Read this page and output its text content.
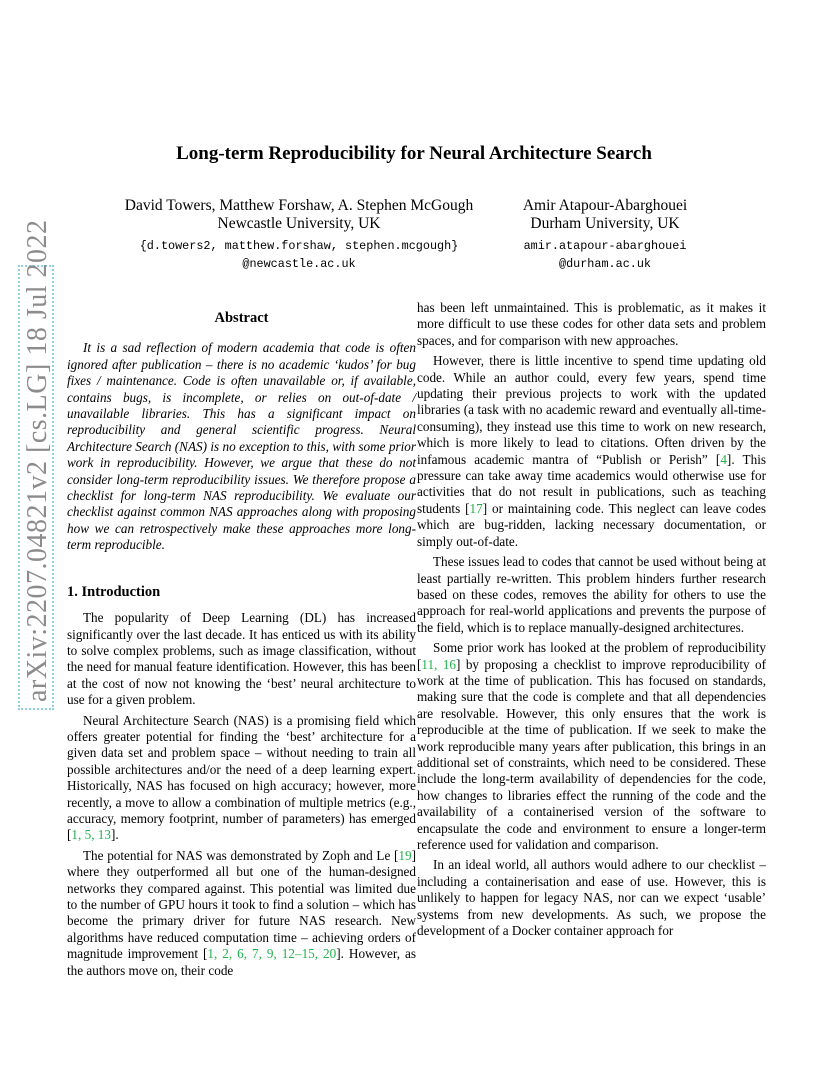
arXiv:2207.04821v2 [cs.LG] 18 Jul 2022
Long-term Reproducibility for Neural Architecture Search
David Towers, Matthew Forshaw, A. Stephen McGough
Newcastle University, UK
{d.towers2, matthew.forshaw, stephen.mcgough}
@newcastle.ac.uk
Amir Atapour-Abarghouei
Durham University, UK
amir.atapour-abarghouei
@durham.ac.uk
Abstract

It is a sad reflection of modern academia that code is often ignored after publication – there is no academic ‘kudos’ for bug fixes / maintenance. Code is often unavailable or, if available, contains bugs, is incomplete, or relies on out-of-date / unavailable libraries. This has a significant impact on reproducibility and general scientific progress. Neural Architecture Search (NAS) is no exception to this, with some prior work in reproducibility. However, we argue that these do not consider long-term reproducibility issues. We therefore propose a checklist for long-term NAS reproducibility. We evaluate our checklist against common NAS approaches along with proposing how we can retrospectively make these approaches more long-term reproducible.

1. Introduction

The popularity of Deep Learning (DL) has increased significantly over the last decade. It has enticed us with its ability to solve complex problems, such as image classification, without the need for manual feature identification. However, this has been at the cost of now not knowing the ‘best’ neural architecture to use for a given problem.

Neural Architecture Search (NAS) is a promising field which offers greater potential for finding the ‘best’ architecture for a given data set and problem space – without needing to train all possible architectures and/or the need of a deep learning expert. Historically, NAS has focused on high accuracy; however, more recently, a move to allow a combination of multiple metrics (e.g., accuracy, memory footprint, number of parameters) has emerged [1, 5, 13].

The potential for NAS was demonstrated by Zoph and Le [19] where they outperformed all but one of the human-designed networks they compared against. This potential was limited due to the number of GPU hours it took to find a solution – which has become the primary driver for future NAS research. New algorithms have reduced computation time – achieving orders of magnitude improvement [1, 2, 6, 7, 9, 12–15, 20]. However, as the authors move on, their code

has been left unmaintained. This is problematic, as it makes it more difficult to use these codes for other data sets and problem spaces, and for comparison with new approaches.

However, there is little incentive to spend time updating old code. While an author could, every few years, spend time updating their previous projects to work with the updated libraries (a task with no academic reward and eventually all-time-consuming), they instead use this time to work on new research, which is more likely to lead to citations. Often driven by the infamous academic mantra of “Publish or Perish” [4]. This pressure can take away time academics would otherwise use for activities that do not result in publications, such as teaching students [17] or maintaining code. This neglect can leave codes which are bug-ridden, lacking necessary documentation, or simply out-of-date.

These issues lead to codes that cannot be used without being at least partially re-written. This problem hinders further research based on these codes, removes the ability for others to use the approach for real-world applications and prevents the purpose of the field, which is to replace manually-designed architectures.

Some prior work has looked at the problem of reproducibility [11, 16] by proposing a checklist to improve reproducibility of work at the time of publication. This has focused on standards, making sure that the code is complete and that all dependencies are resolvable. However, this only ensures that the work is reproducible at the time of publication. If we seek to make the work reproducible many years after publication, this brings in an additional set of constraints, which need to be considered. These include the long-term availability of dependencies for the code, how changes to libraries effect the running of the code and the availability of a containerised version of the software to encapsulate the code and environment to ensure a longer-term reference used for validation and comparison.

In an ideal world, all authors would adhere to our checklist – including a containerisation and ease of use. However, this is unlikely to happen for legacy NAS, nor can we expect ‘usable’ systems from new developments. As such, we propose the development of a Docker container approach for
